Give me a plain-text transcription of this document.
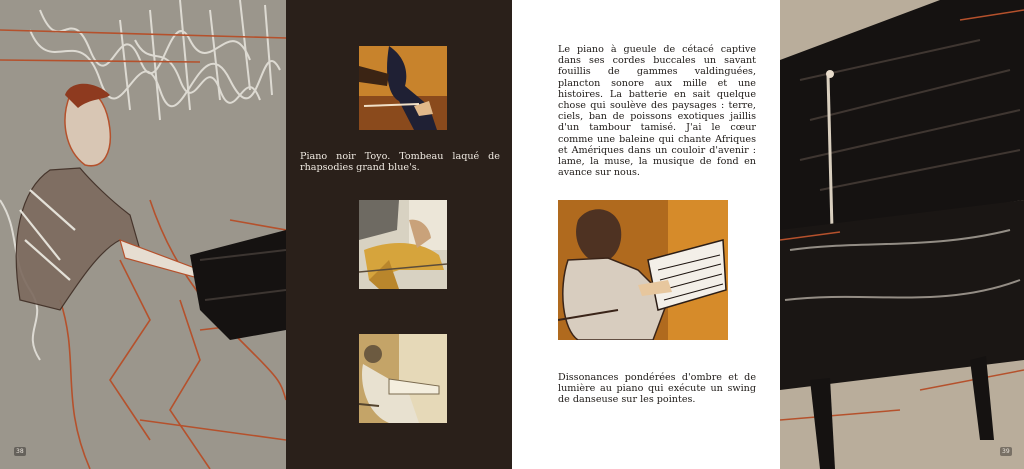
38
Piano noir Toyo. Tombeau laqué de rhapsodies grand blue's.
Le piano à gueule de cétacé captive dans ses cordes buccales un savant fouillis de gammes valdinguées, plancton sonore aux mille et une histoires. La batterie en sait quelque chose qui soulève des paysages : terre, ciels, ban de poissons exotiques jaillis d'un tambour tamisé. J'ai le cœur comme une baleine qui chante Afriques et Amériques dans un couloir d'avenir : lame, la muse, la musique de fond en avance sur nous.
Dissonances pondérées d'ombre et de lumière au piano qui exécute un swing de danseuse sur les pointes.
39
